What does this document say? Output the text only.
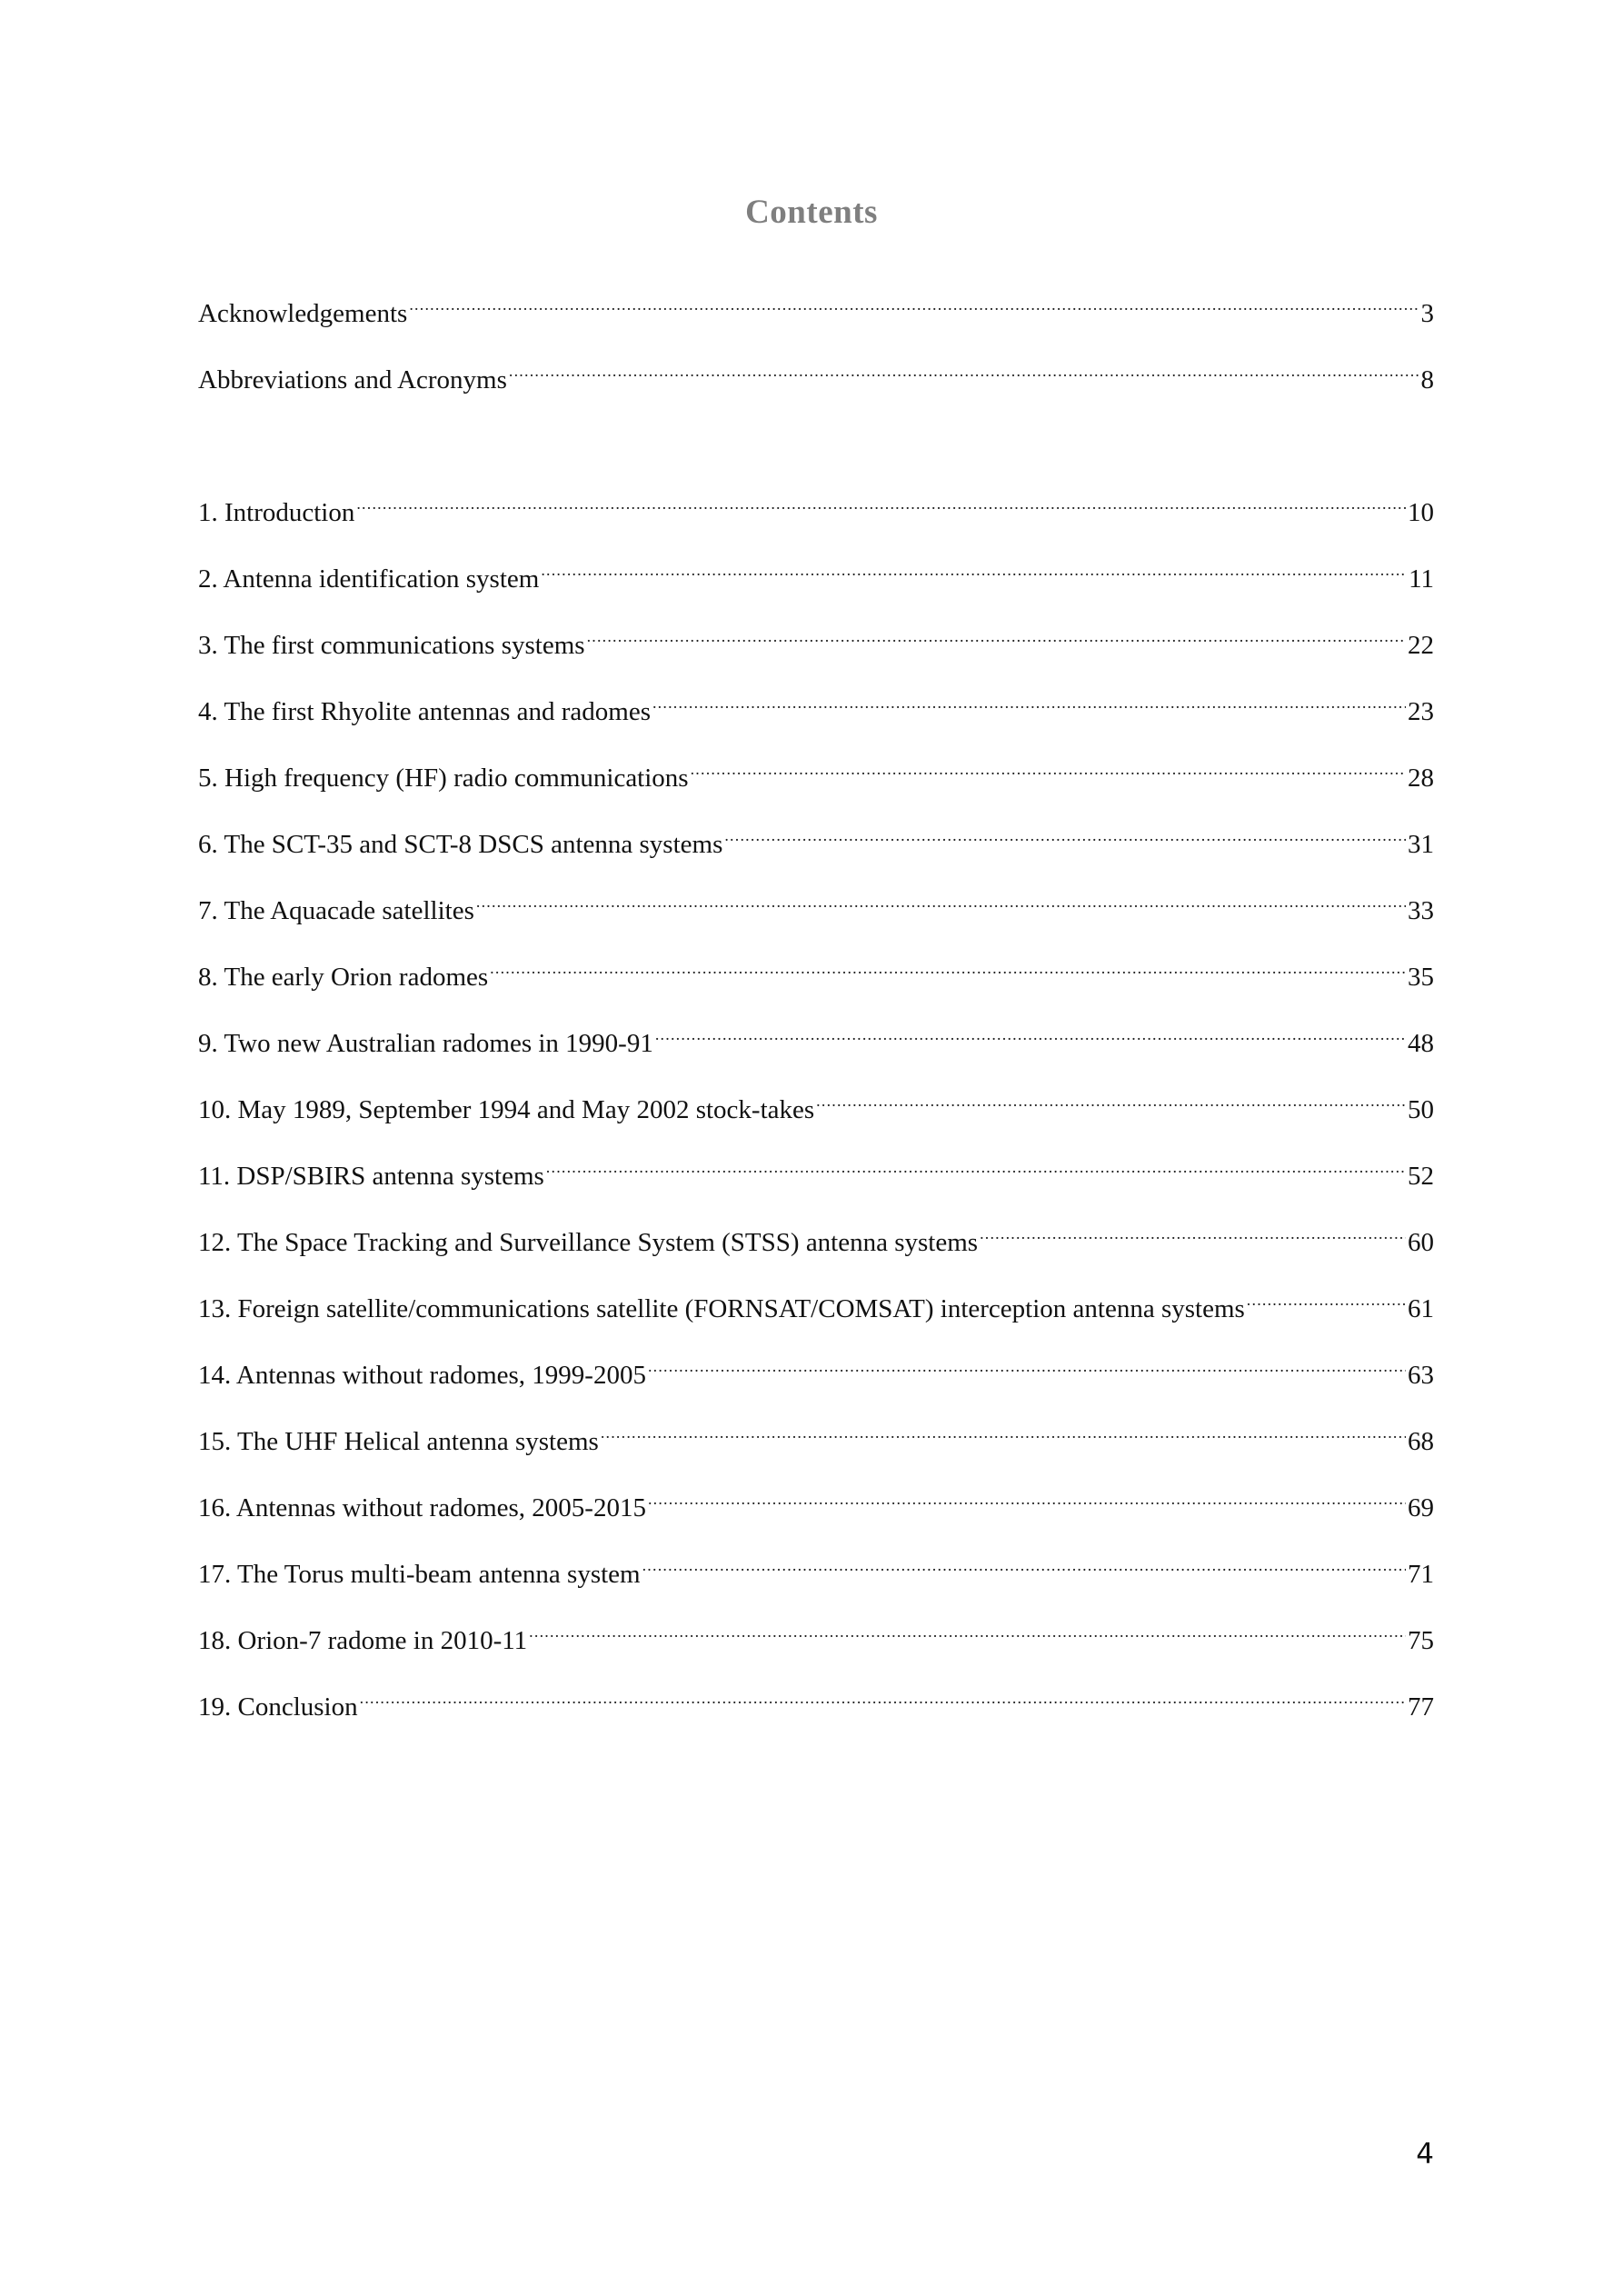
Contents
Acknowledgements .....	3
Abbreviations and Acronyms .....	8
1. Introduction .....	10
2. Antenna identification system .....	11
3. The first communications systems .....	22
4. The first Rhyolite antennas and radomes .....	23
5. High frequency (HF) radio communications .....	28
6. The SCT-35 and SCT-8 DSCS antenna systems .....	31
7. The Aquacade satellites .....	33
8. The early Orion radomes .....	35
9. Two new Australian radomes in 1990-91 .....	48
10. May 1989, September 1994 and May 2002 stock-takes .....	50
11. DSP/SBIRS antenna systems .....	52
12. The Space Tracking and Surveillance System (STSS) antenna systems .....	60
13. Foreign satellite/communications satellite (FORNSAT/COMSAT) interception antenna systems .....	61
14. Antennas without radomes, 1999-2005 .....	63
15. The UHF Helical antenna systems .....	68
16. Antennas without radomes, 2005-2015 .....	69
17. The Torus multi-beam antenna system .....	71
18. Orion-7 radome in 2010-11 .....	75
19. Conclusion .....	77
4
